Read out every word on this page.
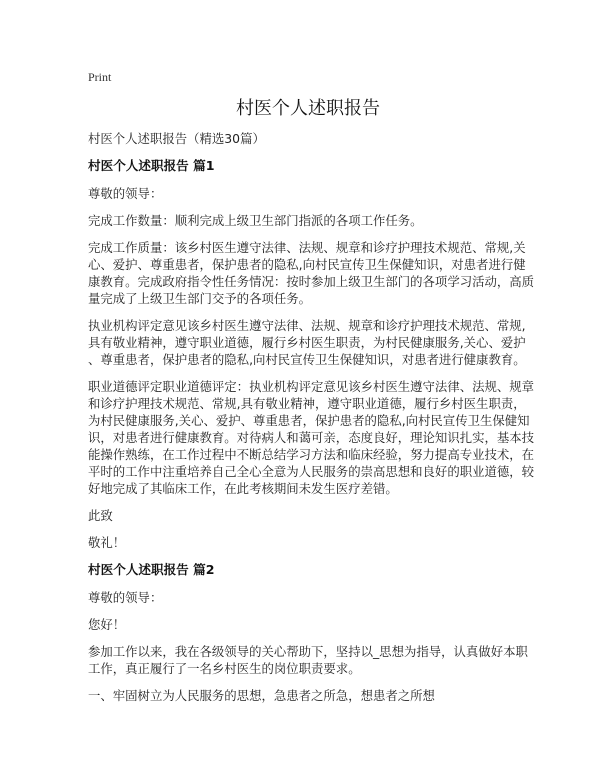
Print
村医个人述职报告

村医个人述职报告（精选30篇）

村医个人述职报告 篇1

尊敬的领导：

完成工作数量：顺利完成上级卫生部门指派的各项工作任务。

完成工作质量：该乡村医生遵守法律、法规、规章和诊疗护理技术规范、常规,关
心、爱护、尊重患者，保护患者的隐私,向村民宣传卫生保健知识，对患者进行健
康教育。完成政府指令性任务情况：按时参加上级卫生部门的各项学习活动，高质
量完成了上级卫生部门交予的各项任务。

执业机构评定意见该乡村医生遵守法律、法规、规章和诊疗护理技术规范、常规,
具有敬业精神，遵守职业道德，履行乡村医生职责，为村民健康服务,关心、爱护
、尊重患者，保护患者的隐私,向村民宣传卫生保健知识，对患者进行健康教育。

职业道德评定职业道德评定：执业机构评定意见该乡村医生遵守法律、法规、规章
和诊疗护理技术规范、常规,具有敬业精神，遵守职业道德，履行乡村医生职责，
为村民健康服务,关心、爱护、尊重患者，保护患者的隐私,向村民宣传卫生保健知
识，对患者进行健康教育。对待病人和蔼可亲，态度良好，理论知识扎实，基本技
能操作熟练，在工作过程中不断总结学习方法和临床经验，努力提高专业技术，在
平时的工作中注重培养自己全心全意为人民服务的崇高思想和良好的职业道德，较
好地完成了其临床工作，在此考核期间未发生医疗差错。

此致

敬礼！

村医个人述职报告 篇2

尊敬的领导：

您好！

参加工作以来，我在各级领导的关心帮助下，坚持以_思想为指导，认真做好本职
工作，真正履行了一名乡村医生的岗位职责要求。

一、牢固树立为人民服务的思想，急患者之所急，想患者之所想
